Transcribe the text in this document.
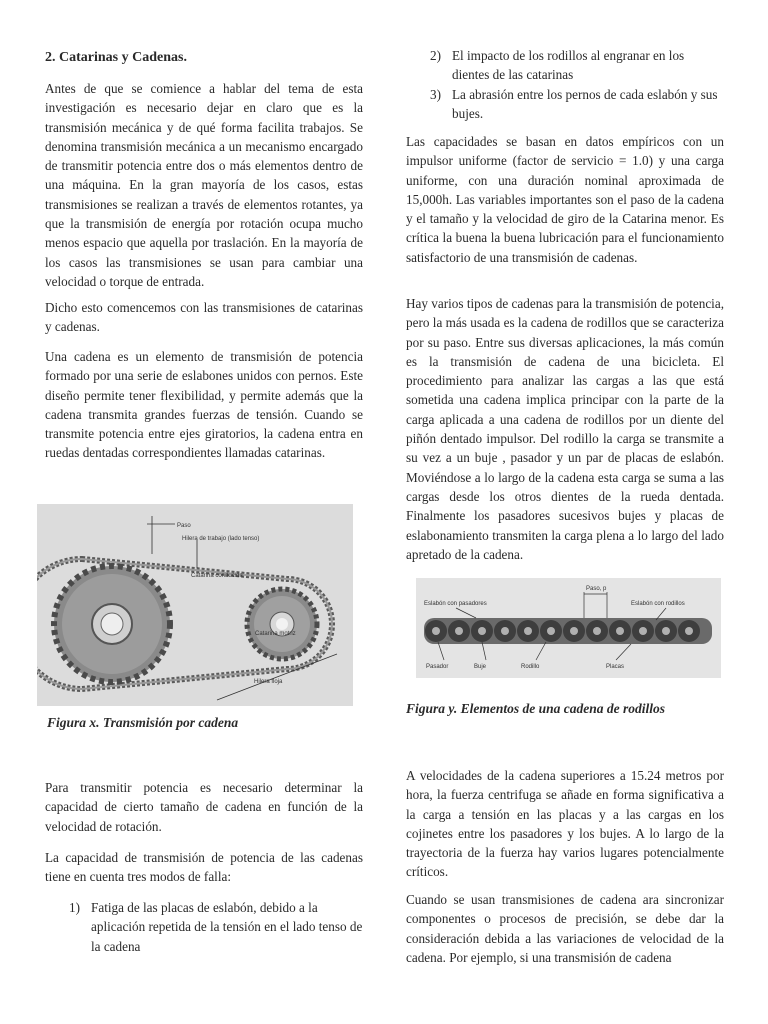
2. Catarinas y Cadenas.

Antes de que se comience a hablar del tema de esta investigación es necesario dejar en claro que es la transmisión mecánica y de qué forma facilita trabajos. Se denomina transmisión mecánica a un mecanismo encargado de transmitir potencia entre dos o más elementos dentro de una máquina. En la gran mayoría de los casos, estas transmisiones se realizan a través de elementos rotantes, ya que la transmisión de energía por rotación ocupa mucho menos espacio que aquella por traslación. En la mayoría de los casos las transmisiones se usan para cambiar una velocidad o torque de entrada.

Dicho esto comencemos con las transmisiones de catarinas y cadenas.

Una cadena es un elemento de transmisión de potencia formado por una serie de eslabones unidos con pernos. Este diseño permite tener flexibilidad, y permite además que la cadena transmita grandes fuerzas de tensión. Cuando se transmite potencia entre ejes giratorios, la cadena entra en ruedas dentadas correspondientes llamadas catarinas.

Paso
Hilera de trabajo (lado tenso)
Catarina conducida
Catarina motriz
Hilera floja
Figura x. Transmisión por cadena

Para transmitir potencia es necesario determinar la capacidad de cierto tamaño de cadena en función de la velocidad de rotación.

La capacidad de transmisión de potencia de las cadenas tiene en cuenta tres modos de falla:

1) Fatiga de las placas de eslabón, debido a la aplicación repetida de la tensión en el lado tenso de la cadena
2) El impacto de los rodillos al engranar en los dientes de las catarinas
3) La abrasión entre los pernos de cada eslabón y sus bujes.

Las capacidades se basan en datos empíricos con un impulsor uniforme (factor de servicio = 1.0) y una carga uniforme, con una duración nominal aproximada de 15,000h. Las variables importantes son el paso de la cadena y el tamaño y la velocidad de giro de la Catarina menor. Es crítica la buena la buena lubricación para el funcionamiento satisfactorio de una transmisión de cadenas.

Hay varios tipos de cadenas para la transmisión de potencia, pero la más usada es la cadena de rodillos que se caracteriza por su paso. Entre sus diversas aplicaciones, la más común es la transmisión de cadena de una bicicleta. El procedimiento para analizar las cargas a las que está sometida una cadena implica principar con la parte de la carga aplicada a una cadena de rodillos por un diente del piñón dentado impulsor. Del rodillo la carga se transmite a su vez a un buje , pasador y un par de placas de eslabón. Moviéndose a lo largo de la cadena esta carga se suma a las cargas desde los otros dientes de la rueda dentada. Finalmente los pasadores sucesivos bujes y placas de eslabonamiento transmiten la carga plena a lo largo del lado apretado de la cadena.

Paso, p
Eslabón con pasadores	Eslabón con rodillos
Pasador	Buje	Rodillo	Placas
Figura y. Elementos de una cadena de rodillos

A velocidades de la cadena superiores a 15.24 metros por hora, la fuerza centrifuga se añade en forma significativa a la carga a tensión en las placas y a las cargas en los cojinetes entre los pasadores y los bujes. A lo largo de la trayectoria de la fuerza hay varios lugares potencialmente críticos.

Cuando se usan transmisiones de cadena ara sincronizar componentes o procesos de precisión, se debe dar la consideración debida a las variaciones de velocidad de la cadena. Por ejemplo, si una transmisión de cadena
